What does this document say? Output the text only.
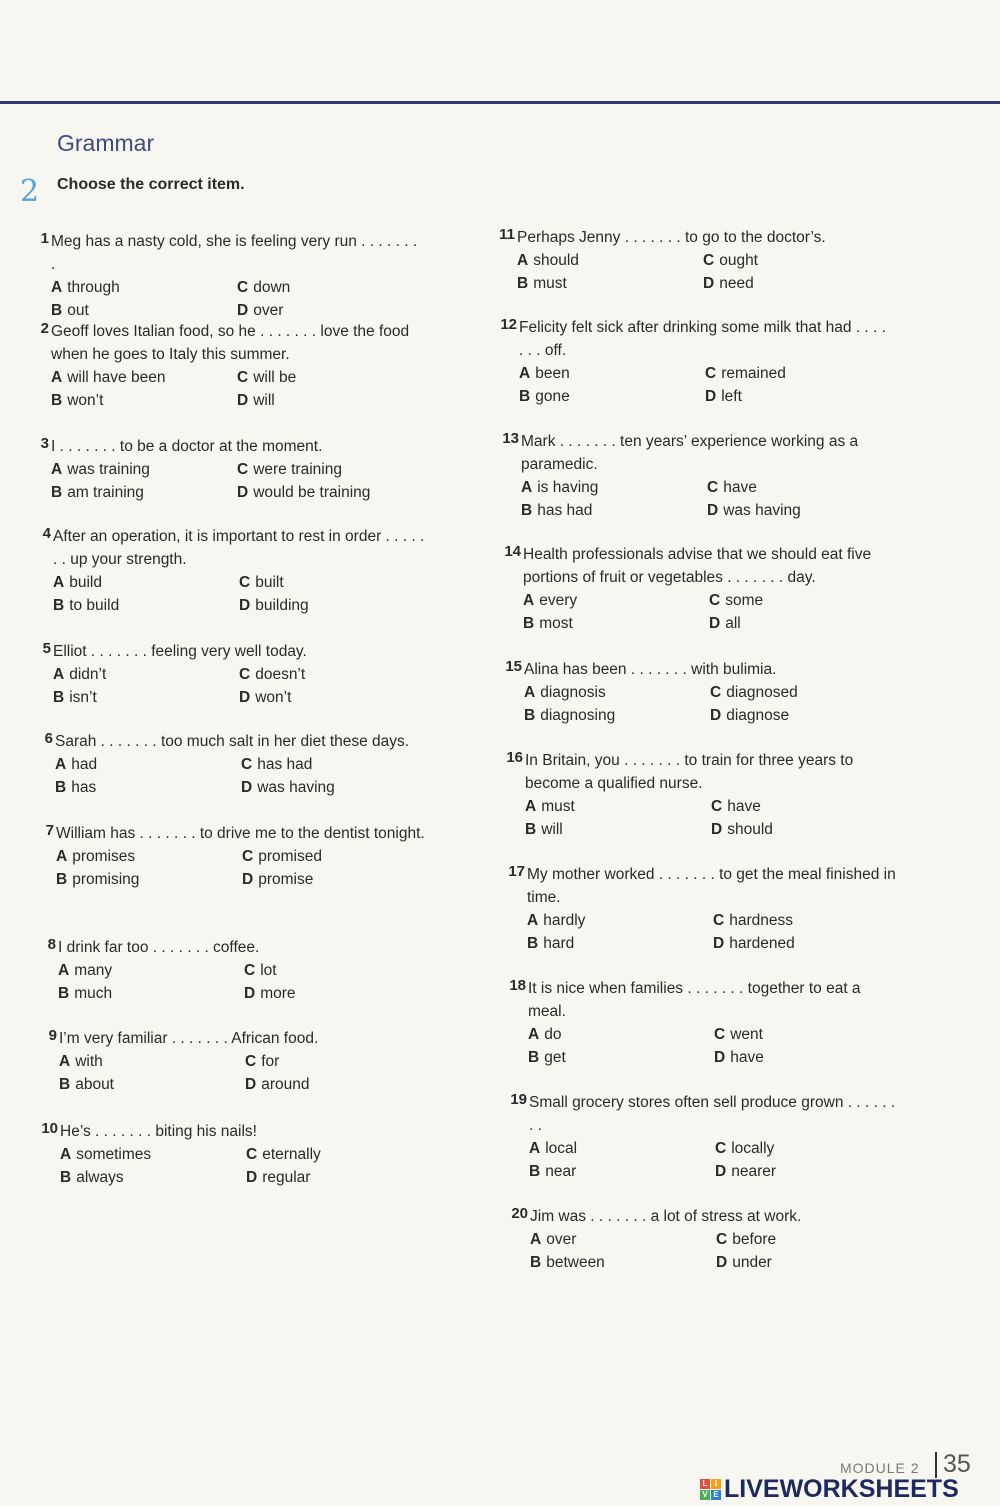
Grammar
2 Choose the correct item.
1 Meg has a nasty cold, she is feeling very run . . . . . . . .
A through	C down
B out	D over
2 Geoff loves Italian food, so he . . . . . . . love the food when he goes to Italy this summer.
A will have been	C will be
B won’t	D will
3 I . . . . . . . to be a doctor at the moment.
A was training	C were training
B am training	D would be training
4 After an operation, it is important to rest in order . . . . . . . up your strength.
A build	C built
B to build	D building
5 Elliot . . . . . . . feeling very well today.
A didn’t	C doesn’t
B isn’t	D won’t
6 Sarah . . . . . . . too much salt in her diet these days.
A had	C has had
B has	D was having
7 William has . . . . . . . to drive me to the dentist tonight.
A promises	C promised
B promising	D promise
8 I drink far too . . . . . . . coffee.
A many	C lot
B much	D more
9 I’m very familiar . . . . . . . African food.
A with	C for
B about	D around
10 He’s . . . . . . . biting his nails!
A sometimes	C eternally
B always	D regular
11 Perhaps Jenny . . . . . . . to go to the doctor’s.
A should	C ought
B must	D need
12 Felicity felt sick after drinking some milk that had . . . . . . . off.
A been	C remained
B gone	D left
13 Mark . . . . . . . ten years’ experience working as a paramedic.
A is having	C have
B has had	D was having
14 Health professionals advise that we should eat five portions of fruit or vegetables . . . . . . . day.
A every	C some
B most	D all
15 Alina has been . . . . . . . with bulimia.
A diagnosis	C diagnosed
B diagnosing	D diagnose
16 In Britain, you . . . . . . . to train for three years to become a qualified nurse.
A must	C have
B will	D should
17 My mother worked . . . . . . . to get the meal finished in time.
A hardly	C hardness
B hard	D hardened
18 It is nice when families . . . . . . . together to eat a meal.
A do	C went
B get	D have
19 Small grocery stores often sell produce grown . . . . . . . .
A local	C locally
B near	D nearer
20 Jim was . . . . . . . a lot of stress at work.
A over	C before
B between	D under
MODULE 2 35
L I
V E LIVEWORKSHEETS
